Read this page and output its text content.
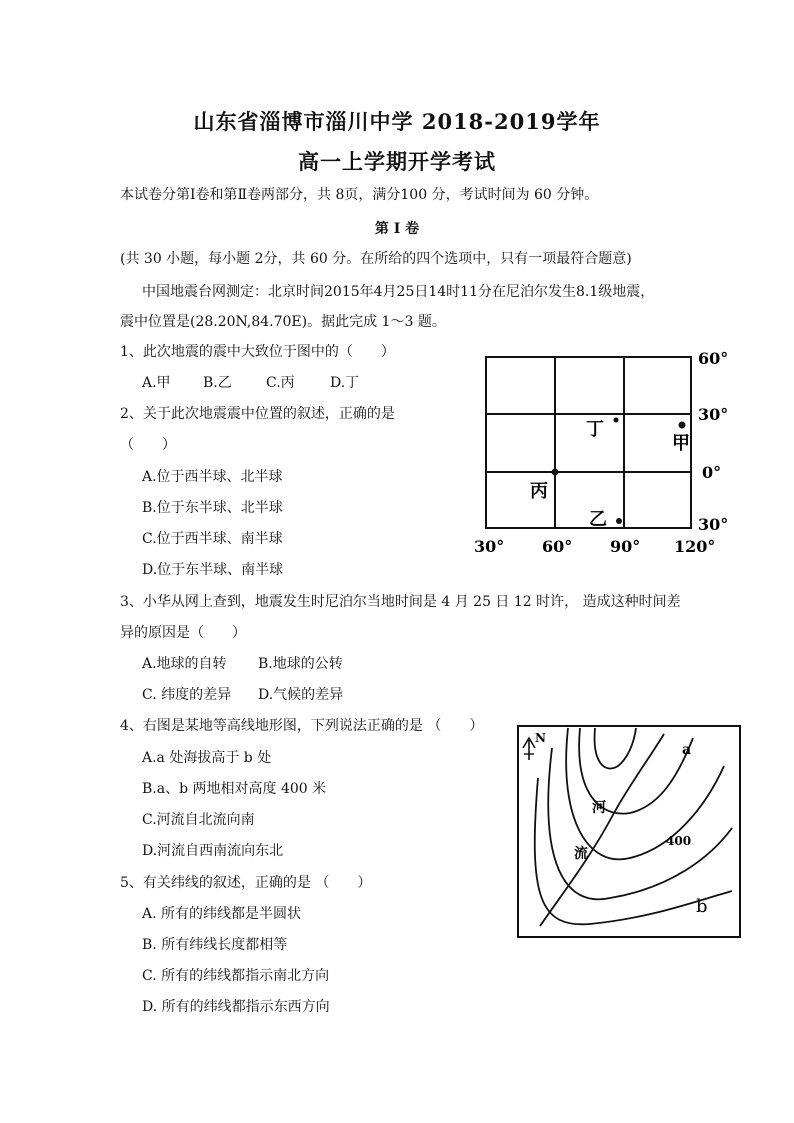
山东省淄博市淄川中学 2018-2019学年
高一上学期开学考试
本试卷分第Ⅰ卷和第Ⅱ卷两部分，共 8页，满分100 分，考试时间为 60 分钟。
第 I 卷
(共 30 小题，每小题 2分，共 60 分。在所给的四个选项中，只有一项最符合题意)
中国地震台网测定：北京时间2015年4月25日14时11分在尼泊尔发生8.1级地震，
震中位置是(28.20N,84.70E)。据此完成 1～3 题。
1、此次地震的震中大致位于图中的（　　）
A.甲 B.乙 C.丙	D.丁
2、关于此次地震震中位置的叙述，正确的是
（　　）
A.位于西半球、北半球
B.位于东半球、北半球
C.位于西半球、南半球
D.位于东半球、南半球
3、小华从网上查到，地震发生时尼泊尔当地时间是 4 月 25 日 12 时许， 造成这种时间差
异的原因是（　　）
A.地球的自转 B.地球的公转
C. 纬度的差异 D.气候的差异
4、右图是某地等高线地形图，下列说法正确的是 （　　）
A.a 处海拔高于 b 处
B.a、b 两地相对高度 400 米
C.河流自北流向南
D.河流自西南流向东北
5、有关纬线的叙述，正确的是 （　　）
A. 所有的纬线都是半圆状
B. 所有纬线长度都相等
C. 所有的纬线都指示南北方向
D. 所有的纬线都指示东西方向
60°
30°
0°
30°
30° 60° 90° 120°
丁
甲
丙
乙
N
a
b
400
河
流
